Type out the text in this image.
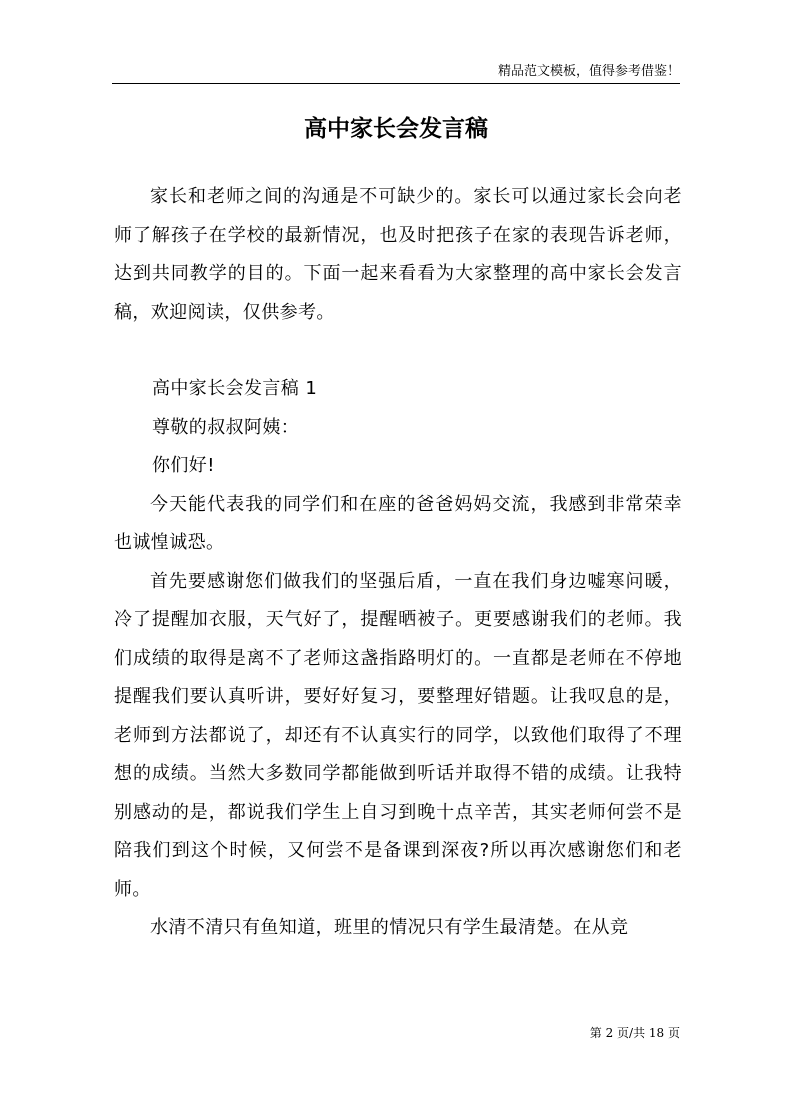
精品范文模板，值得参考借鉴！
高中家长会发言稿

家长和老师之间的沟通是不可缺少的。家长可以通过家长会向老师了解孩子在学校的最新情况，也及时把孩子在家的表现告诉老师，达到共同教学的目的。下面一起来看看为大家整理的高中家长会发言稿，欢迎阅读，仅供参考。

高中家长会发言稿 1

尊敬的叔叔阿姨：

你们好!

今天能代表我的同学们和在座的爸爸妈妈交流，我感到非常荣幸也诚惶诚恐。

首先要感谢您们做我们的坚强后盾，一直在我们身边嘘寒问暖，冷了提醒加衣服，天气好了，提醒晒被子。更要感谢我们的老师。我们成绩的取得是离不了老师这盏指路明灯的。一直都是老师在不停地提醒我们要认真听讲，要好好复习，要整理好错题。让我叹息的是，老师到方法都说了，却还有不认真实行的同学，以致他们取得了不理想的成绩。当然大多数同学都能做到听话并取得不错的成绩。让我特别感动的是，都说我们学生上自习到晚十点辛苦，其实老师何尝不是陪我们到这个时候，又何尝不是备课到深夜?所以再次感谢您们和老师。

水清不清只有鱼知道，班里的情况只有学生最清楚。在从竞

第 2 页/共 18 页
